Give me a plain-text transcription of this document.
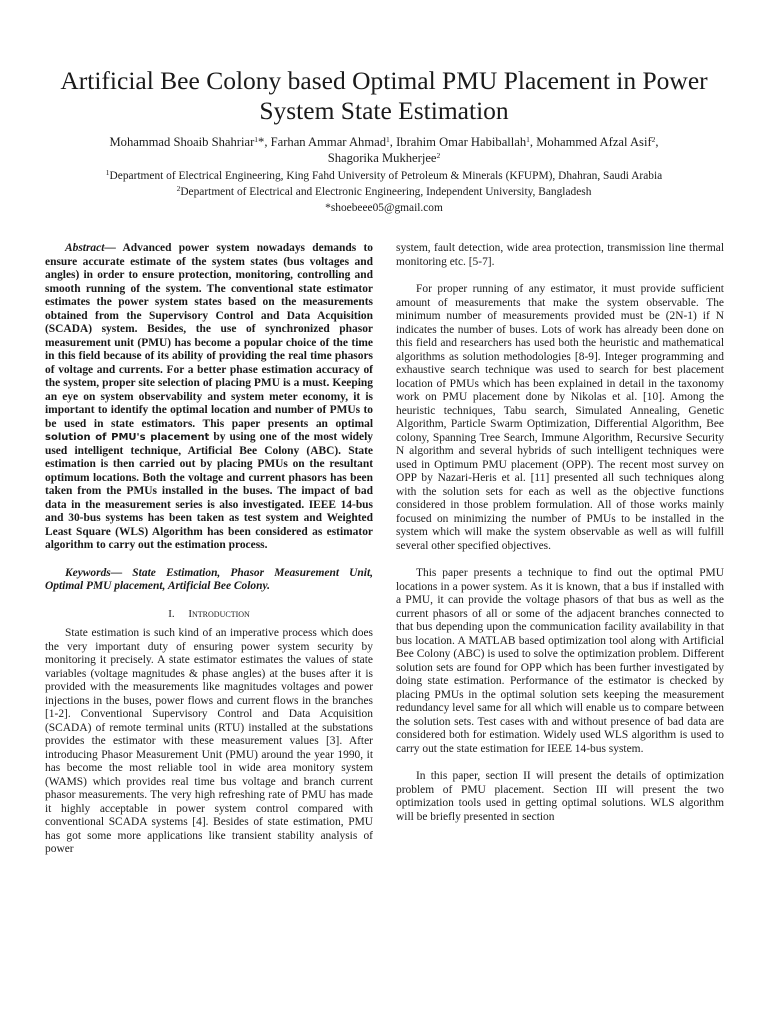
Artificial Bee Colony based Optimal PMU Placement in Power
System State Estimation
Mohammad Shoaib Shahriar$^1$*, Farhan Ammar Ahmad$^1$, Ibrahim Omar Habiballah$^1$, Mohammed Afzal Asif$^2$,
Shagorika Mukherjee$^2$
$^1$Department of Electrical Engineering, King Fahd University of Petroleum & Minerals (KFUPM), Dhahran, Saudi Arabia
$^2$Department of Electrical and Electronic Engineering, Independent University, Bangladesh
*shoebeee05@gmail.com

Abstract— Advanced power system nowadays demands to ensure accurate estimate of the system states (bus voltages and angles) in order to ensure protection, monitoring, controlling and smooth running of the system. The conventional state estimator estimates the power system states based on the measurements obtained from the Supervisory Control and Data Acquisition (SCADA) system. Besides, the use of synchronized phasor measurement unit (PMU) has become a popular choice of the time in this field because of its ability of providing the real time phasors of voltage and currents. For a better phase estimation accuracy of the system, proper site selection of placing PMU is a must. Keeping an eye on system observability and system meter economy, it is important to identify the optimal location and number of PMUs to be used in state estimators. This paper presents an optimal solution of PMU's placement by using one of the most widely used intelligent technique, Artificial Bee Colony (ABC). State estimation is then carried out by placing PMUs on the resultant optimum locations. Both the voltage and current phasors has been taken from the PMUs installed in the buses. The impact of bad data in the measurement series is also investigated. IEEE 14-bus and 30-bus systems has been taken as test system and Weighted Least Square (WLS) Algorithm has been considered as estimator algorithm to carry out the estimation process.

Keywords— State Estimation, Phasor Measurement Unit, Optimal PMU placement, Artificial Bee Colony.

I. Introduction

State estimation is such kind of an imperative process which does the very important duty of ensuring power system security by monitoring it precisely. A state estimator estimates the values of state variables (voltage magnitudes & phase angles) at the buses after it is provided with the measurements like magnitudes voltages and power injections in the buses, power flows and current flows in the branches [1-2]. Conventional Supervisory Control and Data Acquisition (SCADA) of remote terminal units (RTU) installed at the substations provides the estimator with these measurement values [3]. After introducing Phasor Measurement Unit (PMU) around the year 1990, it has become the most reliable tool in wide area monitory system (WAMS) which provides real time bus voltage and branch current phasor measurements. The very high refreshing rate of PMU has made it highly acceptable in power system control compared with conventional SCADA systems [4]. Besides of state estimation, PMU has got some more applications like transient stability analysis of power

system, fault detection, wide area protection, transmission line thermal monitoring etc. [5-7].

For proper running of any estimator, it must provide sufficient amount of measurements that make the system observable. The minimum number of measurements provided must be (2N-1) if N indicates the number of buses. Lots of work has already been done on this field and researchers has used both the heuristic and mathematical algorithms as solution methodologies [8-9]. Integer programming and exhaustive search technique was used to search for best placement location of PMUs which has been explained in detail in the taxonomy work on PMU placement done by Nikolas et al. [10]. Among the heuristic techniques, Tabu search, Simulated Annealing, Genetic Algorithm, Particle Swarm Optimization, Differential Algorithm, Bee colony, Spanning Tree Search, Immune Algorithm, Recursive Security N algorithm and several hybrids of such intelligent techniques were used in Optimum PMU placement (OPP). The recent most survey on OPP by Nazari-Heris et al. [11] presented all such techniques along with the solution sets for each as well as the objective functions considered in those problem formulation. All of those works mainly focused on minimizing the number of PMUs to be installed in the system which will make the system observable as well as will fulfill several other specified objectives.

This paper presents a technique to find out the optimal PMU locations in a power system. As it is known, that a bus if installed with a PMU, it can provide the voltage phasors of that bus as well as the current phasors of all or some of the adjacent branches connected to that bus depending upon the communication facility availability in that bus location. A MATLAB based optimization tool along with Artificial Bee Colony (ABC) is used to solve the optimization problem. Different solution sets are found for OPP which has been further investigated by doing state estimation. Performance of the estimator is checked by placing PMUs in the optimal solution sets keeping the measurement redundancy level same for all which will enable us to compare between the solution sets. Test cases with and without presence of bad data are considered both for estimation. Widely used WLS algorithm is used to carry out the state estimation for IEEE 14-bus system.

In this paper, section II will present the details of optimization problem of PMU placement. Section III will present the two optimization tools used in getting optimal solutions. WLS algorithm will be briefly presented in section
